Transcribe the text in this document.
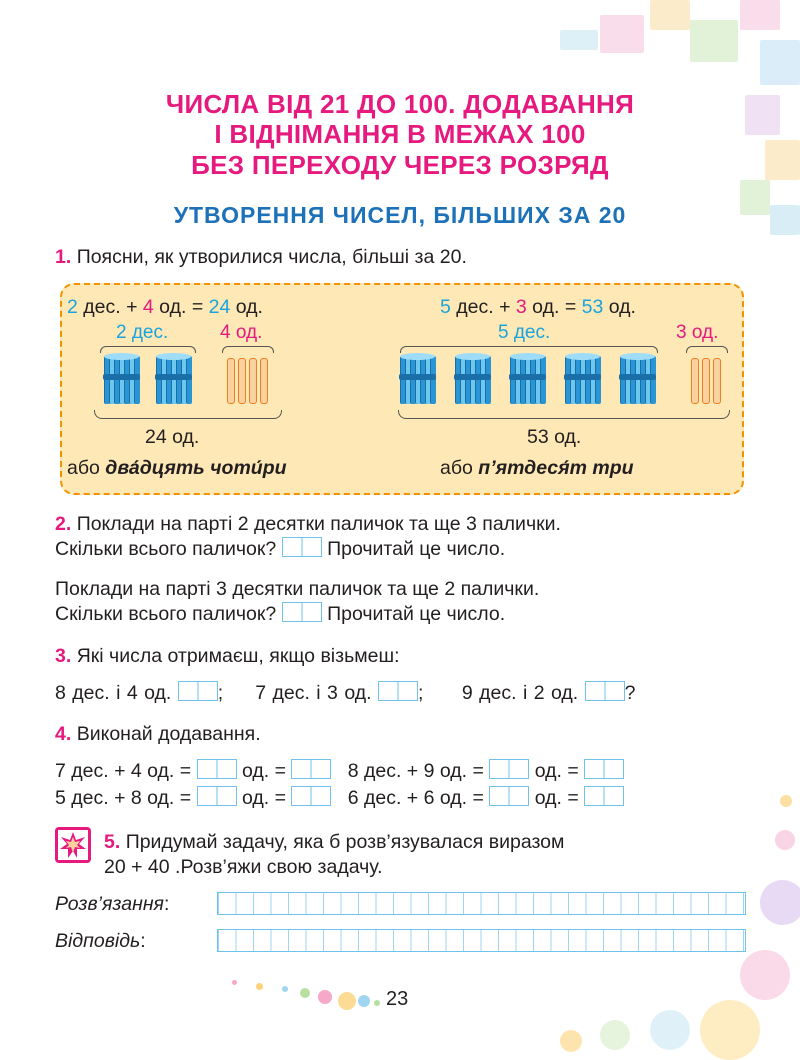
ЧИСЛА ВІД 21 ДО 100. ДОДАВАННЯ
І ВІДНІМАННЯ В МЕЖАХ 100
БЕЗ ПЕРЕХОДУ ЧЕРЕЗ РОЗРЯД
УТВОРЕННЯ ЧИСЕЛ, БІЛЬШИХ ЗА 20
1. Поясни, як утворилися числа, більші за 20.
2 дес. + 4 од. = 24 од.
2 дес.	4 од.
24 од.
або два́дцять чоти́ри
5 дес. + 3 од. = 53 од.
5 дес.	3 од.
53 од.
або п’ятдеся́т три
2. Поклади на парті 2 десятки паличок та ще 3 палички.
Скільки всього паличок?	Прочитай це число.
Поклади на парті 3 десятки паличок та ще 2 палички.
Скільки всього паличок?	Прочитай це число.
3. Які числа отримаєш, якщо візьмеш:
8 дес. і 4 од. ; 7 дес. і 3 од. ; 9 дес. і 2 од. ?
4. Виконай додавання.
7 дес. + 4 од. =	од. =	8 дес. + 9 од. =	од. =
5 дес. + 8 од. =	од. =	6 дес. + 6 од. =	од. =
5. Придумай задачу, яка б розв’язувалася виразом
20 + 40 .Розв’яжи свою задачу.
Розв’язання:
Відповідь:
23
